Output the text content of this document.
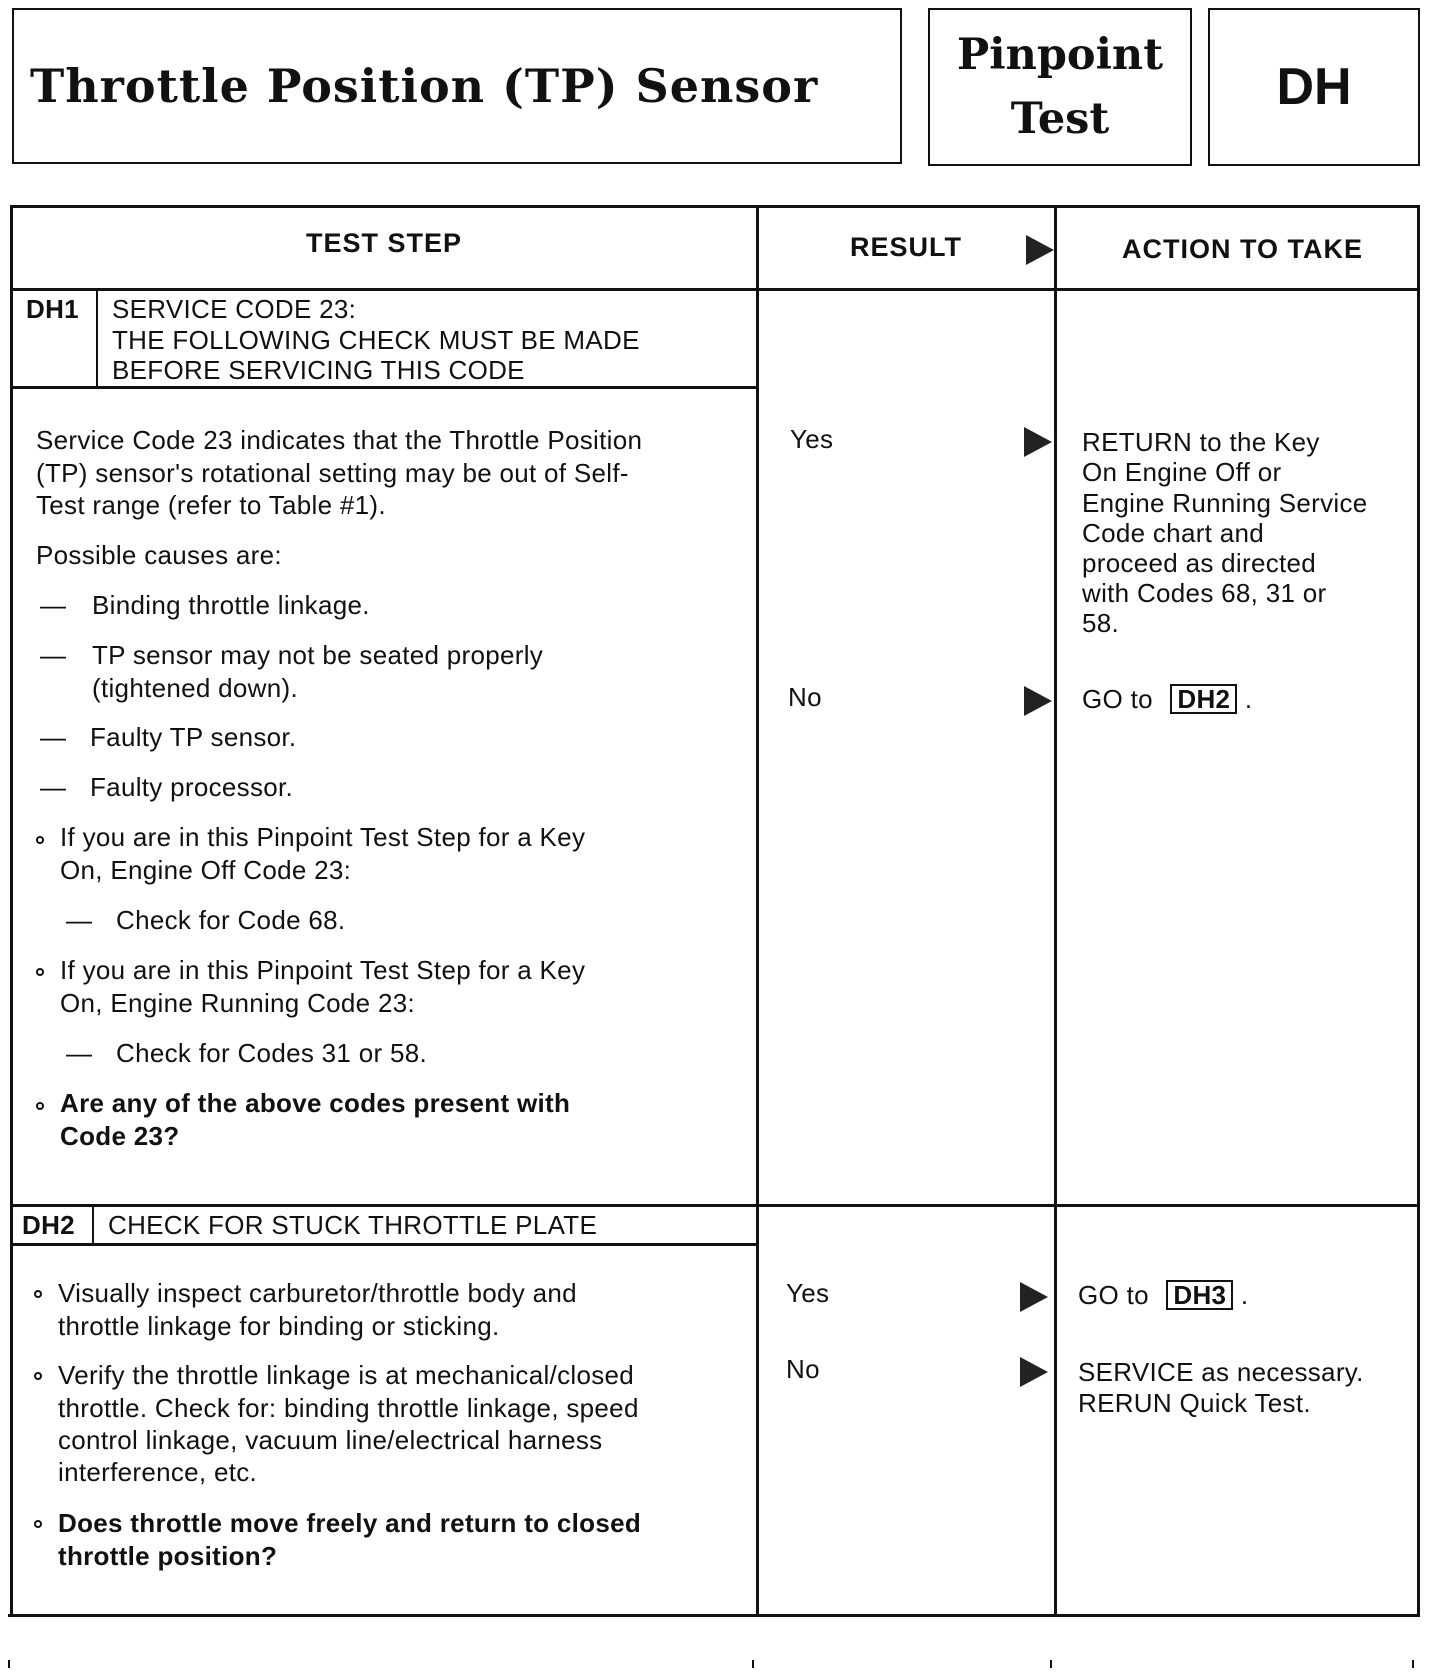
Throttle Position (TP) Sensor
Pinpoint
Test
DH
TEST STEP	RESULT	ACTION TO TAKE
DH1 SERVICE CODE 23:
THE FOLLOWING CHECK MUST BE MADE
BEFORE SERVICING THIS CODE
Service Code 23 indicates that the Throttle Position
(TP) sensor's rotational setting may be out of Self-
Test range (refer to Table #1).
Possible causes are:
— Binding throttle linkage.
— TP sensor may not be seated properly
(tightened down).
— Faulty TP sensor.
— Faulty processor.
If you are in this Pinpoint Test Step for a Key
On, Engine Off Code 23:
— Check for Code 68.
If you are in this Pinpoint Test Step for a Key
On, Engine Running Code 23:
— Check for Codes 31 or 58.
Are any of the above codes present with
Code 23?
Yes
No
RETURN to the Key
On Engine Off or
Engine Running Service
Code chart and
proceed as directed
with Codes 68, 31 or
58.
GO to DH2 .
DH2 CHECK FOR STUCK THROTTLE PLATE
Visually inspect carburetor/throttle body and
throttle linkage for binding or sticking.
Verify the throttle linkage is at mechanical/closed
throttle. Check for: binding throttle linkage, speed
control linkage, vacuum line/electrical harness
interference, etc.
Does throttle move freely and return to closed
throttle position?
Yes
No
GO to DH3 .
SERVICE as necessary.
RERUN Quick Test.
